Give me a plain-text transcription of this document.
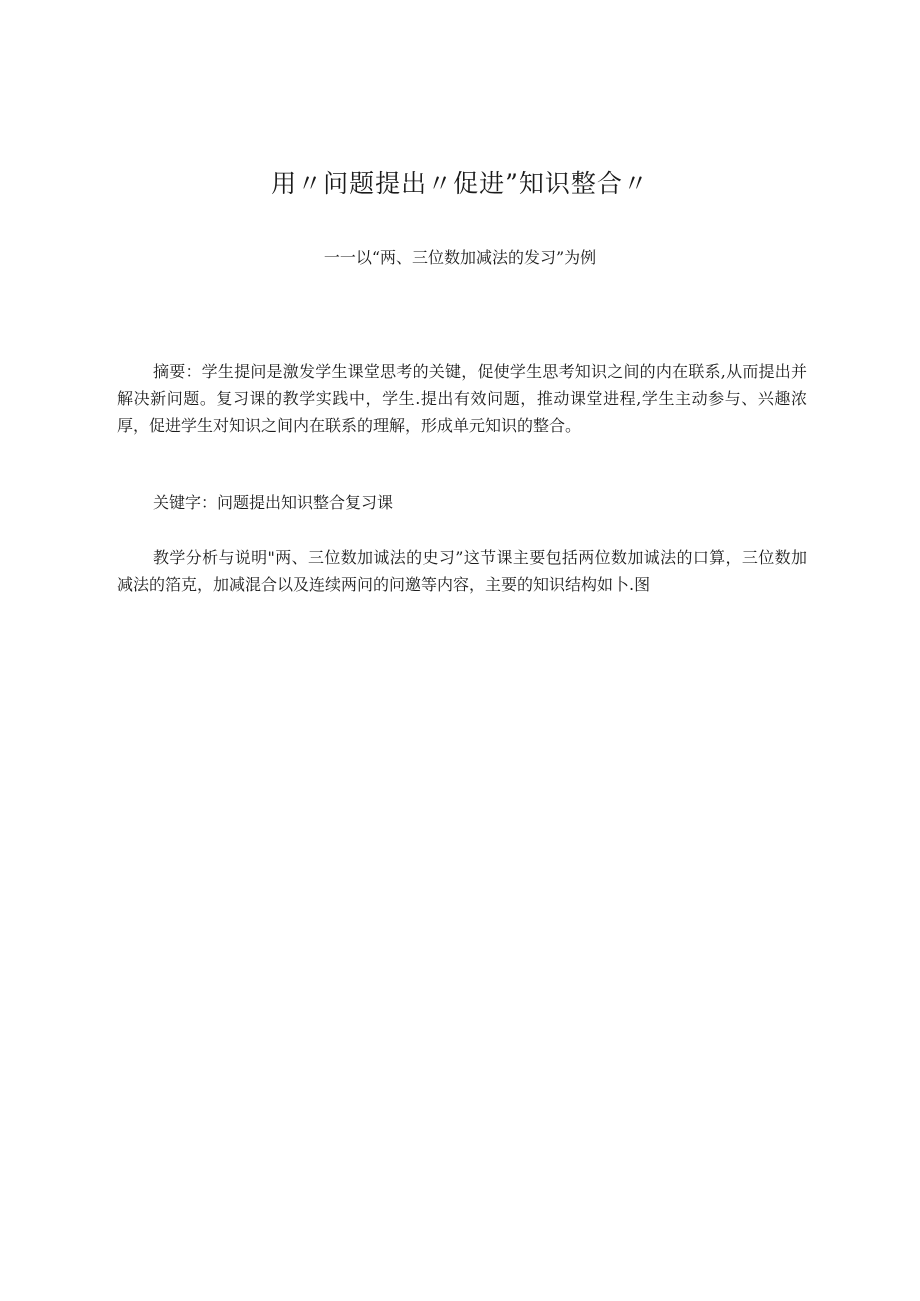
用〃问题提出〃促进”知识整合〃

一一以“两、三位数加减法的发习”为例

摘要：学生提问是激发学生课堂思考的关键，促使学生思考知识之间的内在联系,从而提出并解决新问题。复习课的教学实践中，学生.提出有效问题，推动课堂进程,学生主动参与、兴趣浓厚，促进学生对知识之间内在联系的理解，形成单元知识的整合。

关键字：问题提出知识整合复习课

教学分析与说明"两、三位数加诚法的史习”这节课主要包括两位数加诚法的口算，三位数加减法的箔克，加减混合以及连续两问的问邀等内容，主要的知识结构如卜.图
